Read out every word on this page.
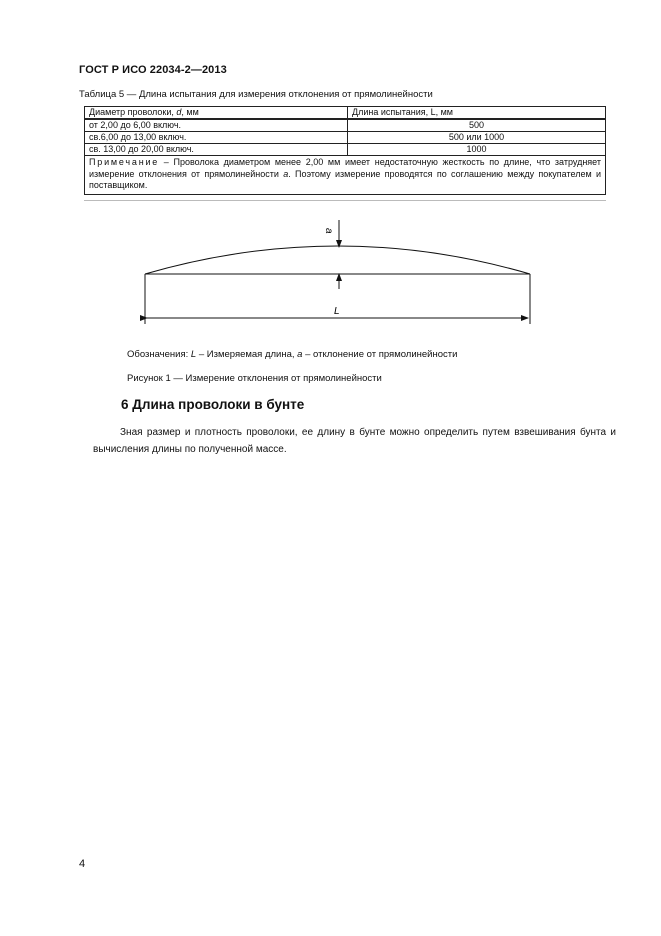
ГОСТ Р ИСО 22034-2—2013
Таблица 5 — Длина испытания для измерения отклонения от прямолинейности
Диаметр проволоки, d, мм	Длина испытания, L, мм
от 2,00 до 6,00 включ.	500
св.6,00 до 13,00 включ.	500 или 1000
св. 13,00 до 20,00 включ.	1000
Примечание – Проволока диаметром менее 2,00 мм имеет недостаточную жесткость по длине, что затрудняет измерение отклонения от прямолинейности a. Поэтому измерение проводятся по соглашению между покупателем и поставщиком.	
a
L
Обозначения: L – Измеряемая длина, a – отклонение от прямолинейности
Рисунок 1 — Измерение отклонения от прямолинейности
6 Длина проволоки в бунте
Зная размер и плотность проволоки, ее длину в бунте можно определить путем взвешивания бунта и вычисления длины по полученной массе.
4
